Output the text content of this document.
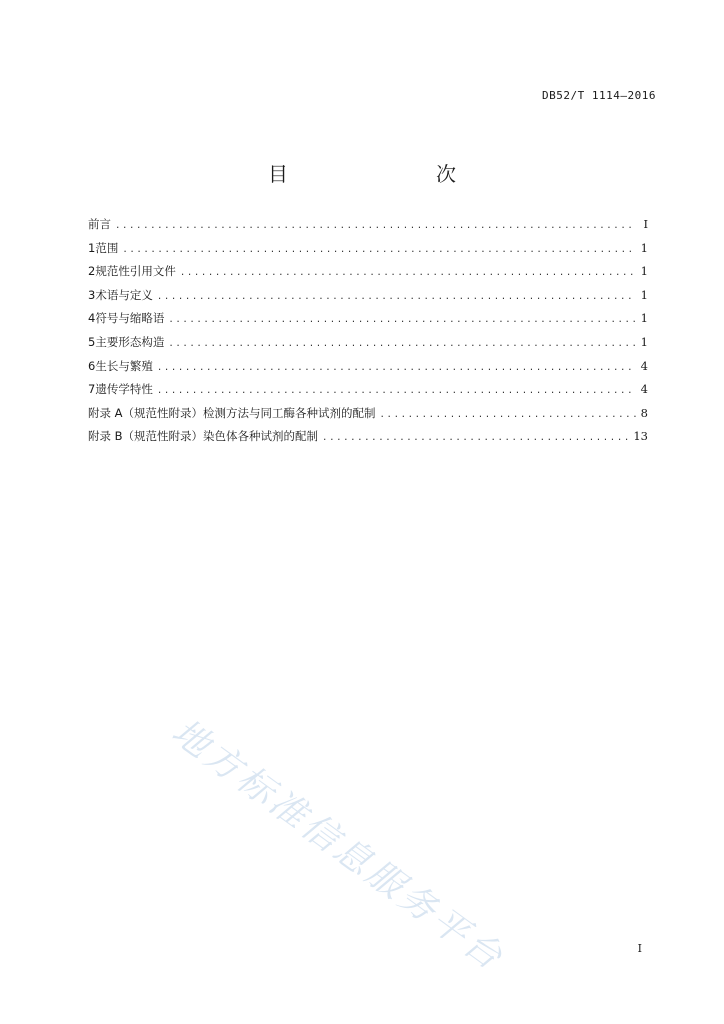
DB52/T 1114—2016
目　　次
前言 .....	I
1 范围 .....	1
2 规范性引用文件 .....	1
3 术语与定义 .....	1
4 符号与缩略语 .....	1
5 主要形态构造 .....	1
6 生长与繁殖 .....	4
7 遗传学特性 .....	4
附录 A （规范性附录） 检测方法与同工酶各种试剂的配制 .....	8
附录 B （规范性附录） 染色体各种试剂的配制 .....	13
地方标准信息服务平台	I
